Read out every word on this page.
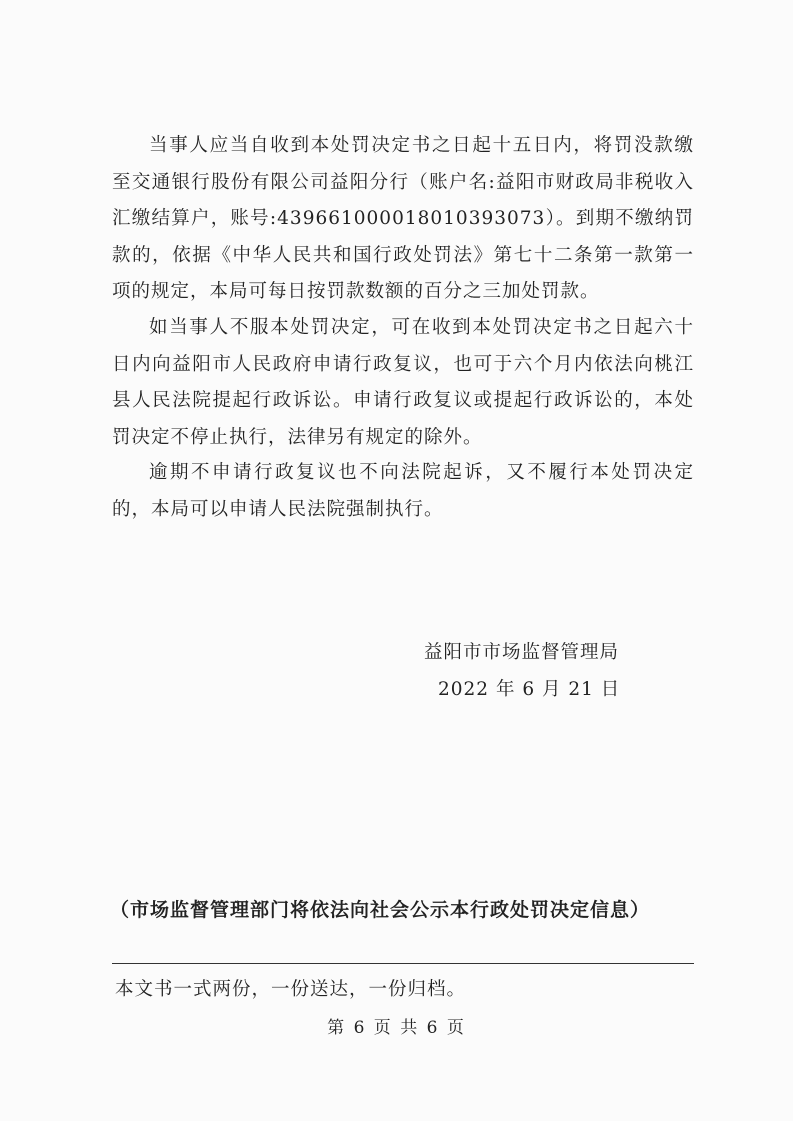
当事人应当自收到本处罚决定书之日起十五日内，将罚没款缴至交通银行股份有限公司益阳分行（账户名:益阳市财政局非税收入汇缴结算户，账号:439661000018010393073）。到期不缴纳罚款的，依据《中华人民共和国行政处罚法》第七十二条第一款第一项的规定，本局可每日按罚款数额的百分之三加处罚款。

如当事人不服本处罚决定，可在收到本处罚决定书之日起六十日内向益阳市人民政府申请行政复议，也可于六个月内依法向桃江县人民法院提起行政诉讼。申请行政复议或提起行政诉讼的，本处罚决定不停止执行，法律另有规定的除外。

逾期不申请行政复议也不向法院起诉，又不履行本处罚决定的，本局可以申请人民法院强制执行。

益阳市市场监督管理局

2022 年 6 月 21 日

（市场监督管理部门将依法向社会公示本行政处罚决定信息）

本文书一式两份，一份送达，一份归档。

第 6 页 共 6 页
